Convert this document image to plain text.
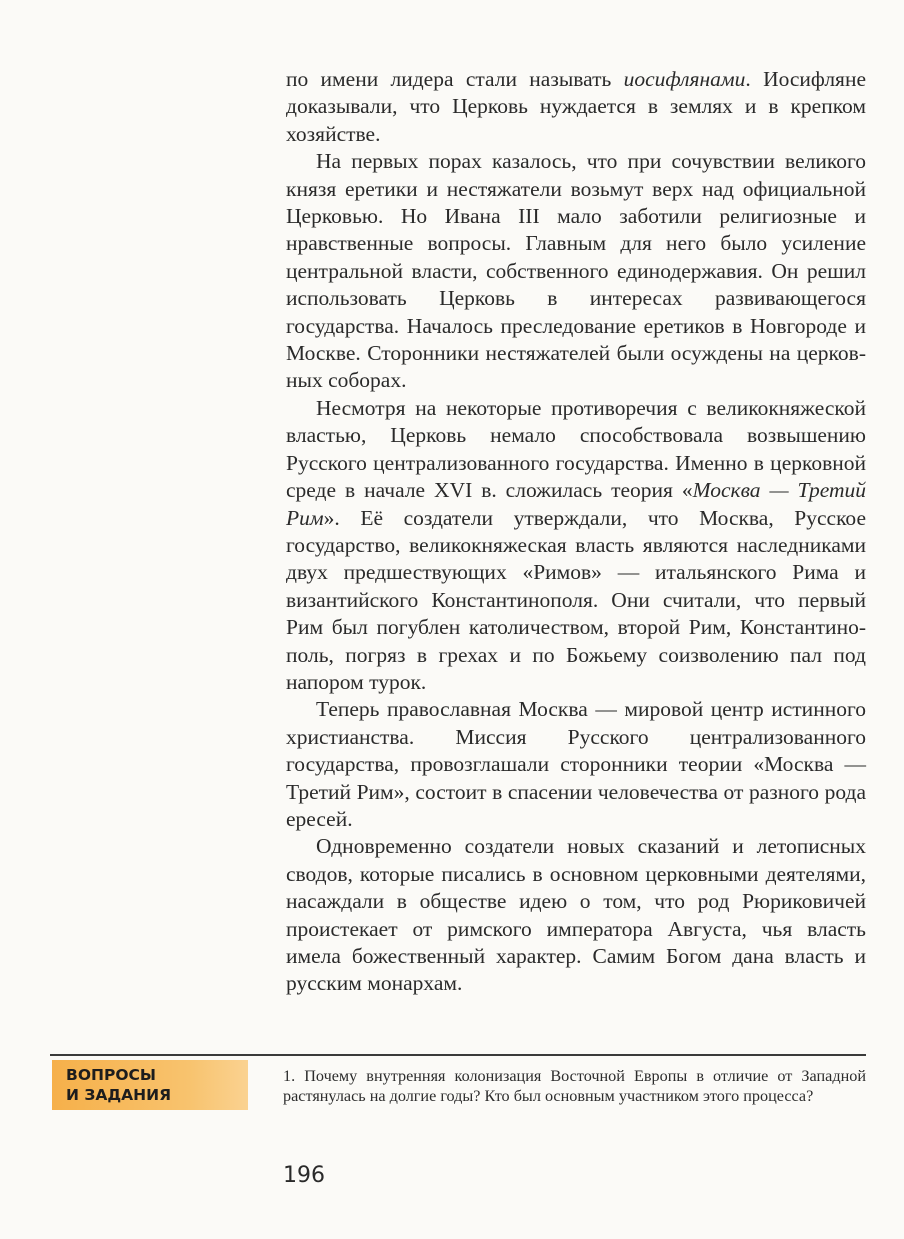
по имени лидера стали называть иосифлянами. Иосифляне доказывали, что Церковь нуждается в землях и в крепком хозяйстве.

На первых порах казалось, что при сочувствии великого князя еретики и нестяжатели возьмут верх над официальной Церковью. Но Ивана III мало заботили религиозные и нравственные вопросы. Главным для него было усиление центральной власти, собственного единодержавия. Он решил использовать Церковь в интересах развивающегося государства. Началось преследование еретиков в Новгороде и Москве. Сторонники нестяжателей были осуждены на церковных соборах.

Несмотря на некоторые противоречия с великокняжеской властью, Церковь немало способствовала возвышению Русского централизованного государства. Именно в церковной среде в начале XVI в. сложилась теория «Москва — Третий Рим». Её создатели утверждали, что Москва, Русское государство, великокняжеская власть являются наследниками двух предшествующих «Римов» — итальянского Рима и византийского Константинополя. Они считали, что первый Рим был погублен католичеством, второй Рим, Константинополь, погряз в грехах и по Божьему соизволению пал под напором турок.

Теперь православная Москва — мировой центр истинного христианства. Миссия Русского централизованного государства, провозглашали сторонники теории «Москва — Третий Рим», состоит в спасении человечества от разного рода ересей.

Одновременно создатели новых сказаний и летописных сводов, которые писались в основном церковными деятелями, насаждали в обществе идею о том, что род Рюриковичей проистекает от римского императора Августа, чья власть имела божественный характер. Самим Богом дана власть и русским монархам.

ВОПРОСЫ
И ЗАДАНИЯ
1. Почему внутренняя колонизация Восточной Европы в отличие от Западной растянулась на долгие годы? Кто был основным участником этого процесса?
196
